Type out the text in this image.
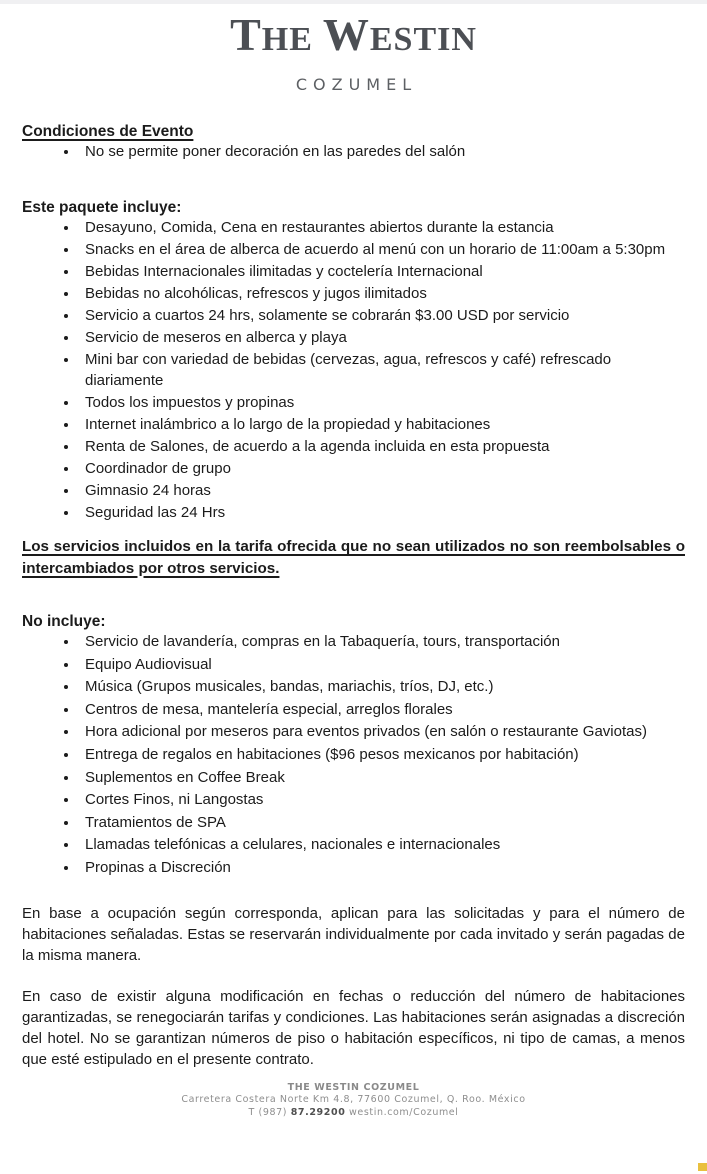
THE WESTIN
COZUMEL
Condiciones de Evento
• No se permite poner decoración en las paredes del salón
Este paquete incluye:
• Desayuno, Comida, Cena en restaurantes abiertos durante la estancia
• Snacks en el área de alberca de acuerdo al menú con un horario de 11:00am a 5:30pm
• Bebidas Internacionales ilimitadas y coctelería Internacional
• Bebidas no alcohólicas, refrescos y jugos ilimitados
• Servicio a cuartos 24 hrs, solamente se cobrarán $3.00 USD por servicio
• Servicio de meseros en alberca y playa
• Mini bar con variedad de bebidas (cervezas, agua, refrescos y café) refrescado diariamente
• Todos los impuestos y propinas
• Internet inalámbrico a lo largo de la propiedad y habitaciones
• Renta de Salones, de acuerdo a la agenda incluida en esta propuesta
• Coordinador de grupo
• Gimnasio 24 horas
• Seguridad las 24 Hrs

Los servicios incluidos en la tarifa ofrecida que no sean utilizados no son reembolsables o intercambiados por otros servicios.

No incluye:
• Servicio de lavandería, compras en la Tabaquería, tours, transportación
• Equipo Audiovisual
• Música (Grupos musicales, bandas, mariachis, tríos, DJ, etc.)
• Centros de mesa, mantelería especial, arreglos florales
• Hora adicional por meseros para eventos privados (en salón o restaurante Gaviotas)
• Entrega de regalos en habitaciones ($96 pesos mexicanos por habitación)
• Suplementos en Coffee Break
• Cortes Finos, ni Langostas
• Tratamientos de SPA
• Llamadas telefónicas a celulares, nacionales e internacionales
• Propinas a Discreción

En base a ocupación según corresponda, aplican para las solicitadas y para el número de habitaciones señaladas. Estas se reservarán individualmente por cada invitado y serán pagadas de la misma manera.

En caso de existir alguna modificación en fechas o reducción del número de habitaciones garantizadas, se renegociarán tarifas y condiciones. Las habitaciones serán asignadas a discreción del hotel. No se garantizan números de piso o habitación específicos, ni tipo de camas, a menos que esté estipulado en el presente contrato.

THE WESTIN COZUMEL
Carretera Costera Norte Km 4.8, 77600 Cozumel, Q. Roo. México
T (987) 87.29200 westin.com/Cozumel
